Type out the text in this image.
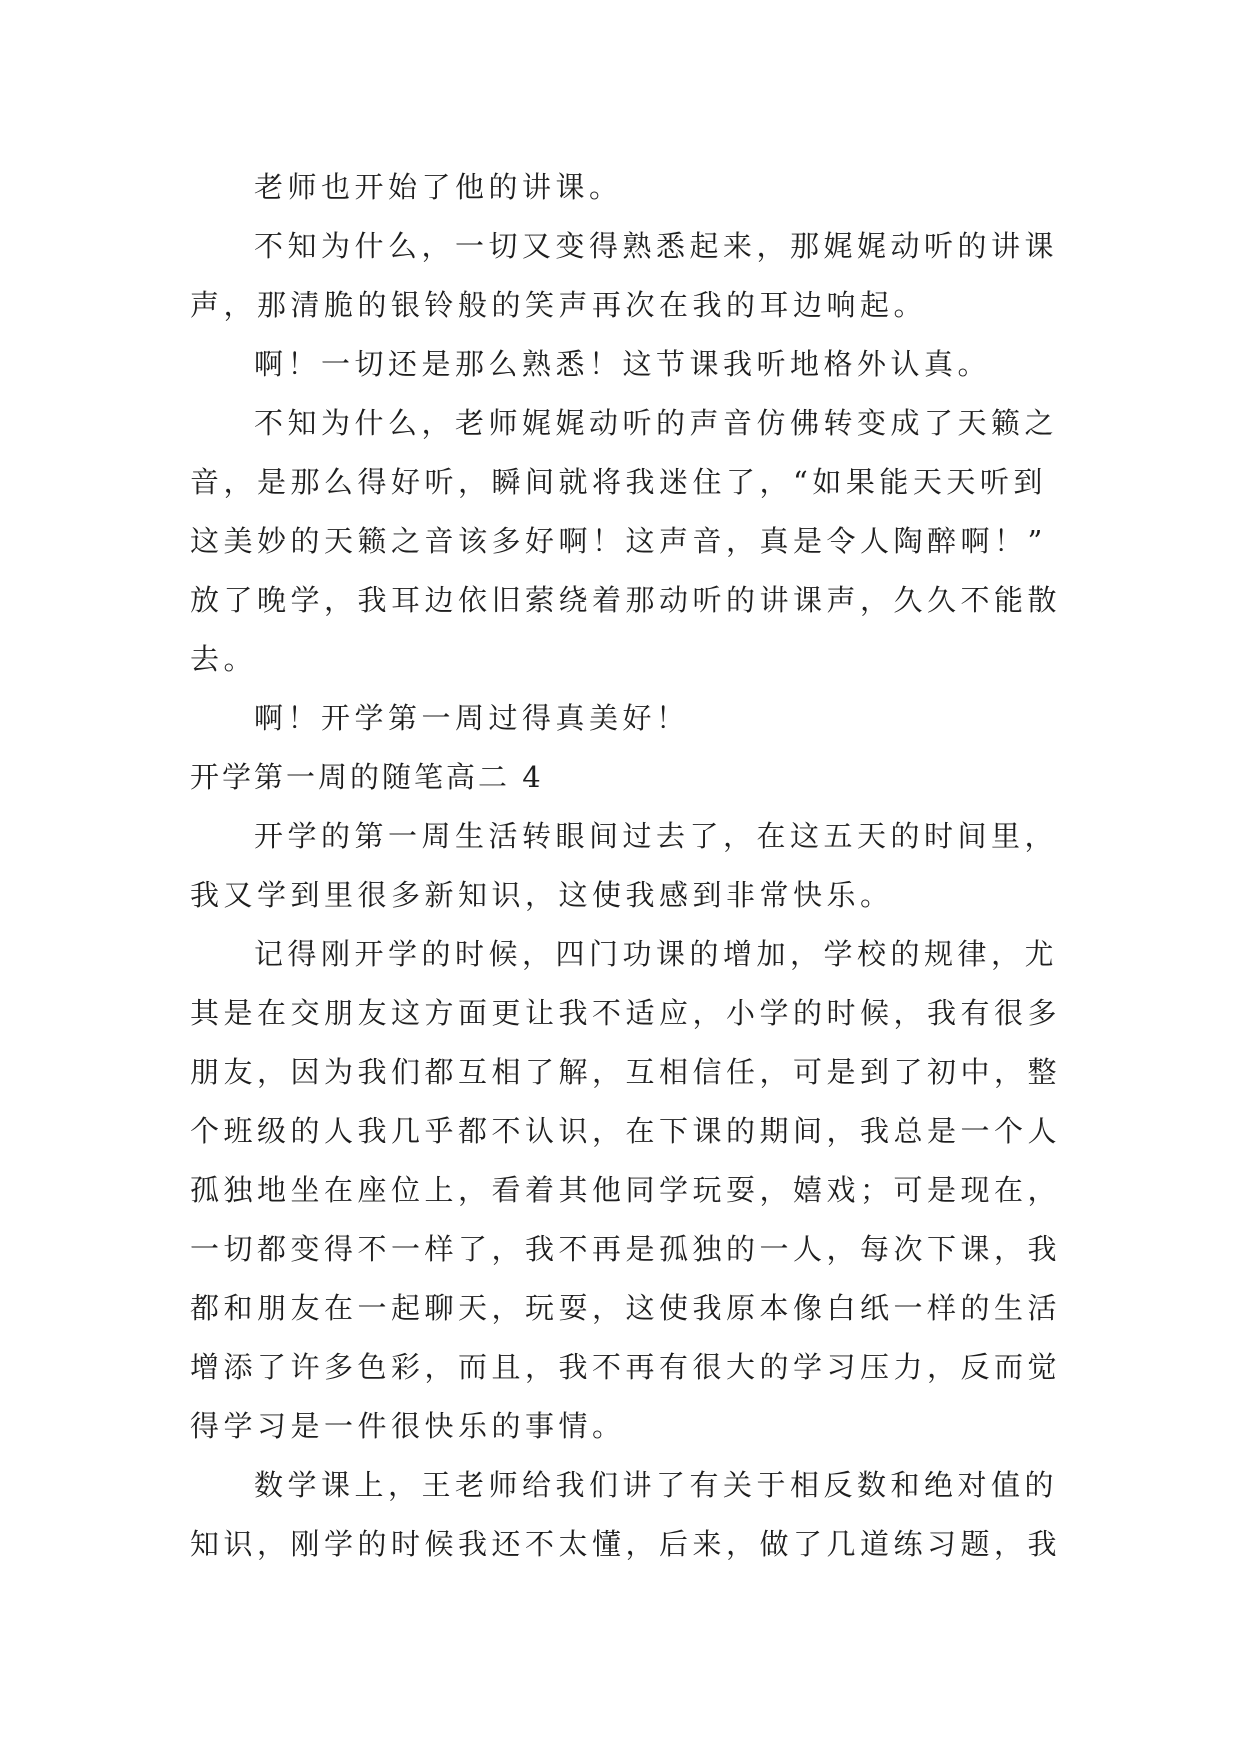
老师也开始了他的讲课。

不知为什么，一切又变得熟悉起来，那娓娓动听的讲课
声，那清脆的银铃般的笑声再次在我的耳边响起。

啊！一切还是那么熟悉！这节课我听地格外认真。

不知为什么，老师娓娓动听的声音仿佛转变成了天籁之
音，是那么得好听，瞬间就将我迷住了，“如果能天天听到
这美妙的天籁之音该多好啊！这声音，真是令人陶醉啊！”
放了晚学，我耳边依旧萦绕着那动听的讲课声，久久不能散
去。

啊！开学第一周过得真美好！

开学第一周的随笔高二 4

开学的第一周生活转眼间过去了，在这五天的时间里，
我又学到里很多新知识，这使我感到非常快乐。

记得刚开学的时候，四门功课的增加，学校的规律，尤
其是在交朋友这方面更让我不适应，小学的时候，我有很多
朋友，因为我们都互相了解，互相信任，可是到了初中，整
个班级的人我几乎都不认识，在下课的期间，我总是一个人
孤独地坐在座位上，看着其他同学玩耍，嬉戏；可是现在，
一切都变得不一样了，我不再是孤独的一人，每次下课，我
都和朋友在一起聊天，玩耍，这使我原本像白纸一样的生活
增添了许多色彩，而且，我不再有很大的学习压力，反而觉
得学习是一件很快乐的事情。

数学课上，王老师给我们讲了有关于相反数和绝对值的
知识，刚学的时候我还不太懂，后来，做了几道练习题，我
